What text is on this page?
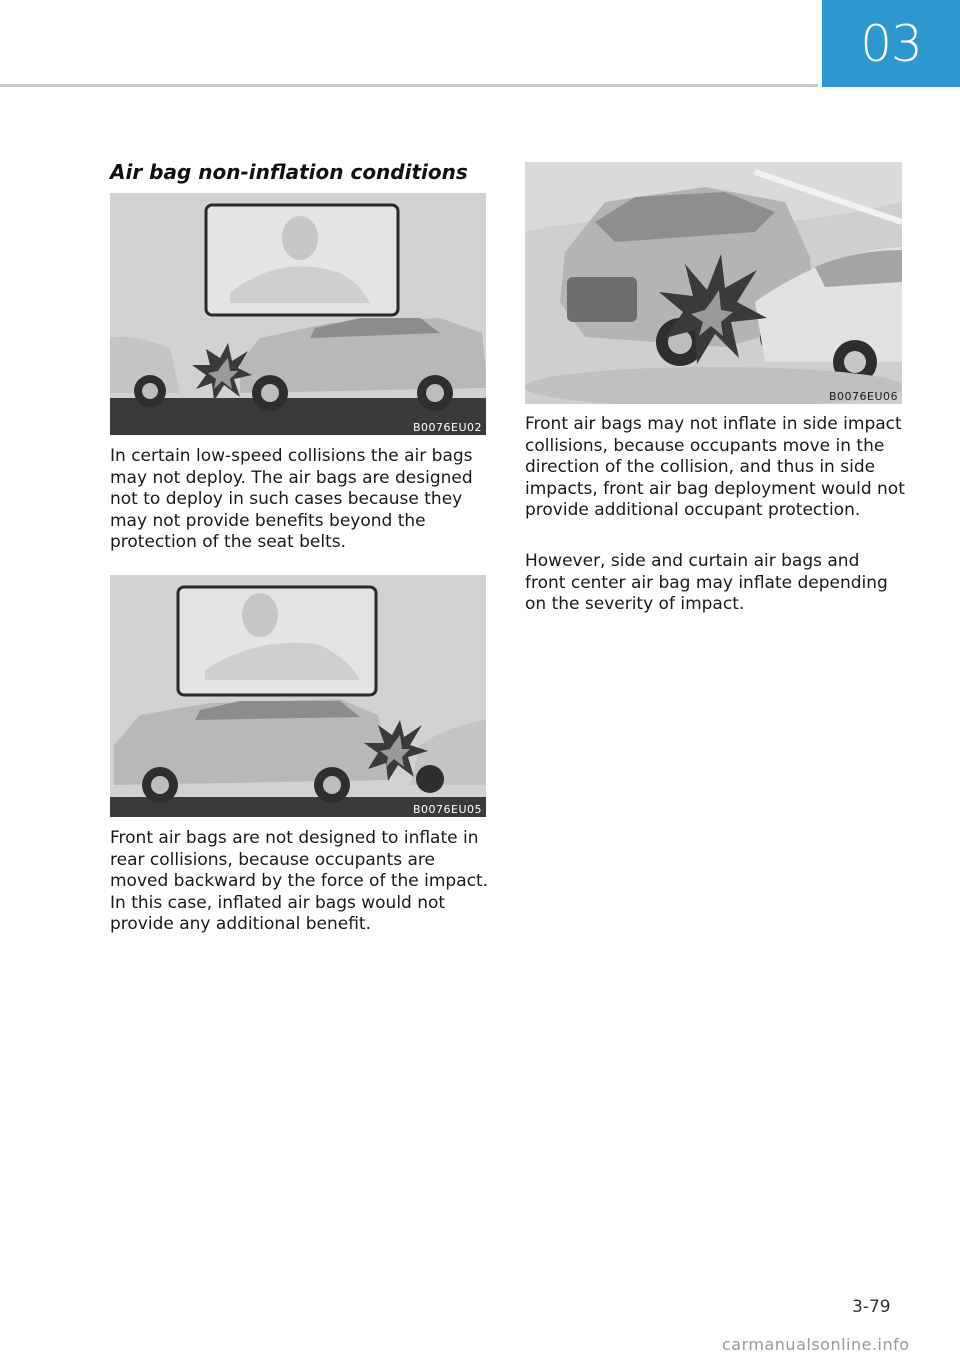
03
Air bag non-inflation conditions
B0076EU02

In certain low-speed collisions the air bags may not deploy. The air bags are designed not to deploy in such cases because they may not provide benefits beyond the protection of the seat belts.

B0076EU05

Front air bags are not designed to inflate in rear collisions, because occupants are moved backward by the force of the impact. In this case, inflated air bags would not provide any additional benefit.

B0076EU06

Front air bags may not inflate in side impact collisions, because occupants move in the direction of the collision, and thus in side impacts, front air bag deployment would not provide additional occupant protection.

However, side and curtain air bags and front center air bag may inflate depending on the severity of impact.

3-79
carmanualsonline.info
